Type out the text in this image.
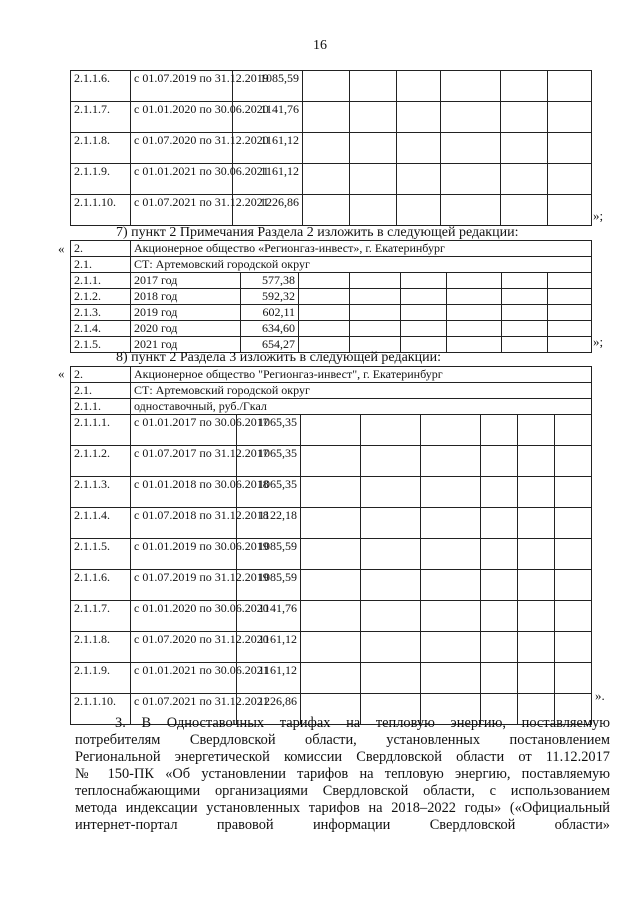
16
2.1.1.6.	с 01.07.2019 по 31.12.2019	1085,59						
2.1.1.7.	с 01.01.2020 по 30.06.2020	1141,76						
2.1.1.8.	с 01.07.2020 по 31.12.2020	1161,12						
2.1.1.9.	с 01.01.2021 по 30.06.2021	1161,12						
2.1.1.10.	с 01.07.2021 по 31.12.2021	1226,86						
»;
7) пункт 2 Примечания Раздела 2 изложить в следующей редакции:
« 2.	Акционерное общество «Регионгаз-инвест», г. Екатеринбург							
2.1.	СТ: Артемовский городской округ							
2.1.1.	2017 год	577,38						
2.1.2.	2018 год	592,32						
2.1.3.	2019 год	602,11						
2.1.4.	2020 год	634,60						
2.1.5.	2021 год	654,27							»;
8) пункт 2 Раздела 3 изложить в следующей редакции:
« 2.	Акционерное общество "Регионгаз-инвест", г. Екатеринбург							
2.1.	СТ: Артемовский городской округ							
2.1.1.	одноставочный, руб./Гкал							
2.1.1.1.	с 01.01.2017 по 30.06.2017	1065,35						
2.1.1.2.	с 01.07.2017 по 31.12.2017	1065,35						
2.1.1.3.	с 01.01.2018 по 30.06.2018	1065,35						
2.1.1.4.	с 01.07.2018 по 31.12.2018	1122,18						
2.1.1.5.	с 01.01.2019 по 30.06.2019	1085,59						
2.1.1.6.	с 01.07.2019 по 31.12.2019	1085,59						
2.1.1.7.	с 01.01.2020 по 30.06.2020	1141,76						
2.1.1.8.	с 01.07.2020 по 31.12.2020	1161,12						
2.1.1.9.	с 01.01.2021 по 30.06.2021	1161,12						
2.1.1.10.	с 01.07.2021 по 31.12.2021	1226,86							».

3. В Одноставочных тарифах на тепловую энергию, поставляемую

потребителям Свердловской области, установленных постановлением

Региональной энергетической комиссии Свердловской области от 11.12.2017

№ 150-ПК «Об установлении тарифов на тепловую энергию, поставляемую

теплоснабжающими организациями Свердловской области, с использованием

метода индексации установленных тарифов на 2018–2022 годы» («Официальный

интернет-портал правовой информации Свердловской области»
